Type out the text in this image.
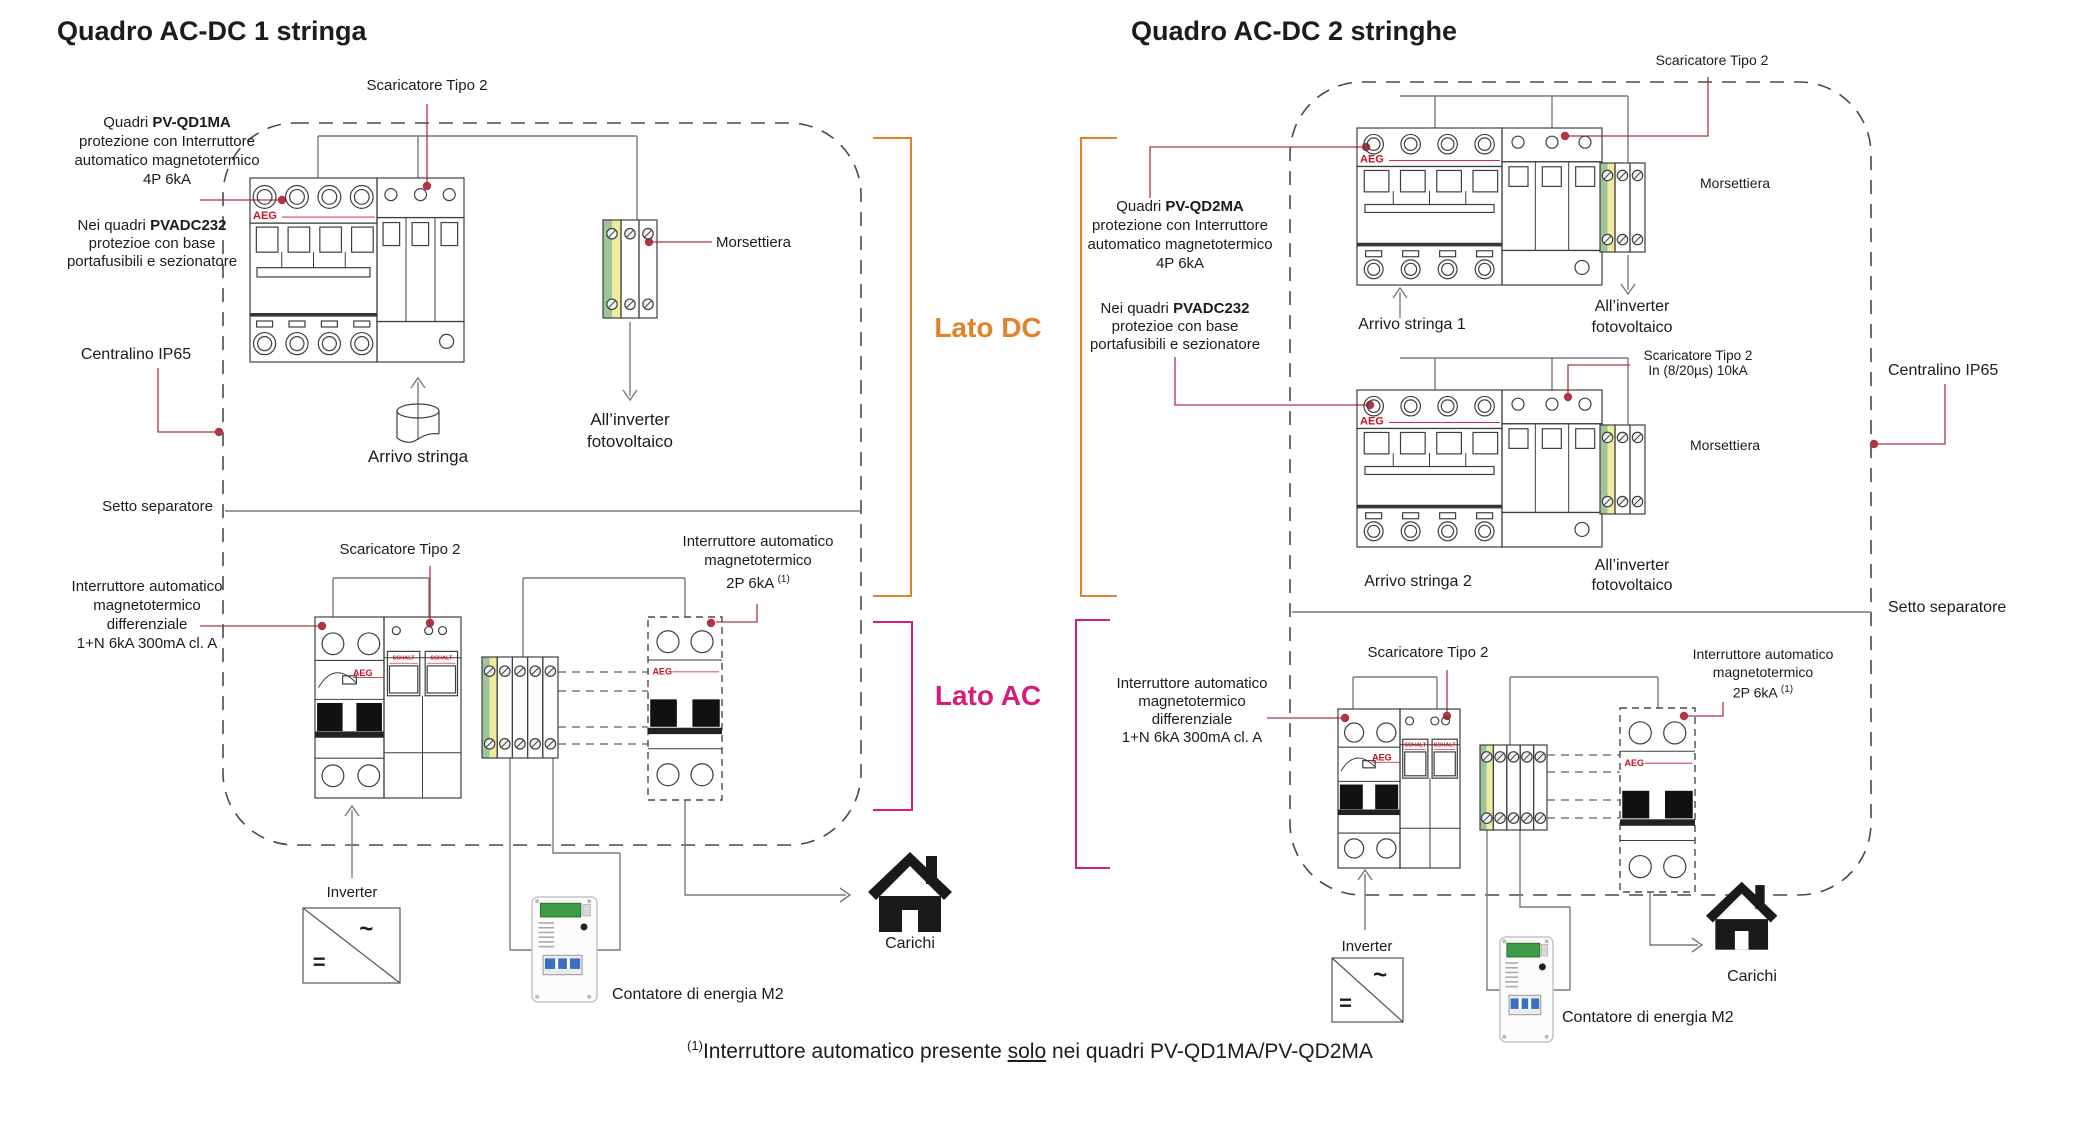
AEG
AEG
SCHALT	SCHALT
AEG
~
=
AEG
AEG
AEG
SCHALT SCHALT
AEG
~
=
Quadro AC-DC 1 stringa
Scaricatore Tipo 2
Quadri PV-QD1MA
protezione con Interruttore
automatico magnetotermico
4P 6kA
Nei quadri PVADC232
protezioe con base
portafusibili e sezionatore
Centralino IP65
Morsettiera
Arrivo stringa
All’inverter
fotovoltaico
Setto separatore
Scaricatore Tipo 2
Interruttore automatico
magnetotermico
differenziale
1+N 6kA 300mA cl. A
Interruttore automatico
magnetotermico
2P 6kA $^{(1)}$
Inverter
Contatore di energia M2
Carichi
Lato DC
Lato AC
Quadro AC-DC 2 stringhe
Scaricatore Tipo 2
Quadri PV-QD2MA
protezione con Interruttore
automatico magnetotermico
4P 6kA
Nei quadri PVADC232
protezioe con base
portafusibili e sezionatore
Morsettiera
Arrivo stringa 1
All’inverter
fotovoltaico
Scaricatore Tipo 2
In (8/20µs) 10kA	Centralino IP65
Morsettiera
Arrivo stringa 2
All’inverter
fotovoltaico
Setto separatore
Scaricatore Tipo 2
Interruttore automatico
magnetotermico
differenziale
1+N 6kA 300mA cl. A
Interruttore automatico
magnetotermico
2P 6kA $^{(1)}$
Inverter
Contatore di energia M2
Carichi
$^{(1)}$Interruttore automatico presente solo nei quadri PV-QD1MA/PV-QD2MA
